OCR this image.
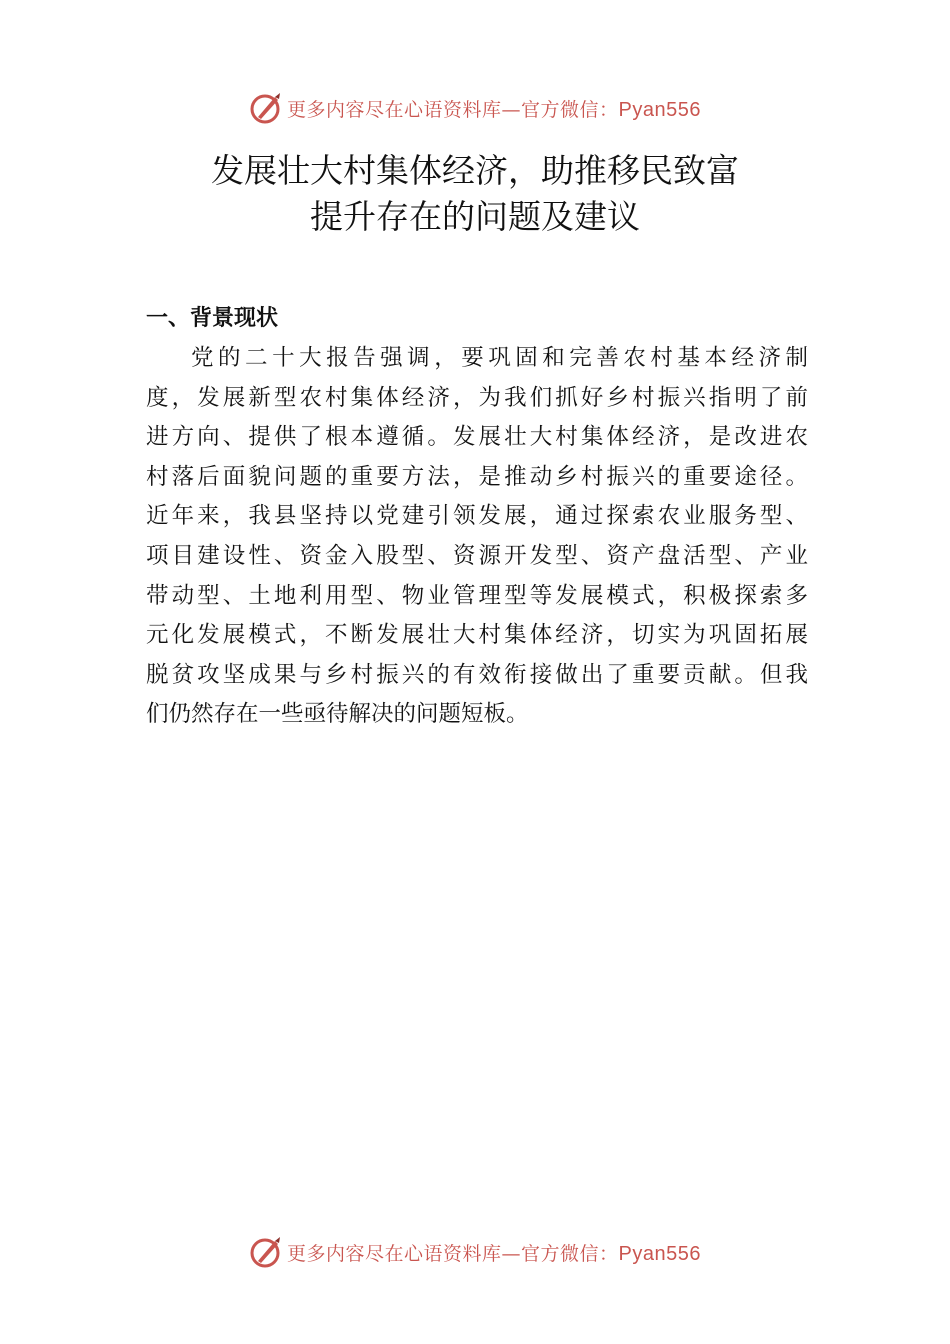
更多内容尽在心语资料库—官方微信：Pyan556
发展壮大村集体经济，助推移民致富
提升存在的问题及建议
一、背景现状
党的二十大报告强调，要巩固和完善农村基本经济制
度，发展新型农村集体经济，为我们抓好乡村振兴指明了前
进方向、提供了根本遵循。发展壮大村集体经济，是改进农
村落后面貌问题的重要方法，是推动乡村振兴的重要途径。
近年来，我县坚持以党建引领发展，通过探索农业服务型、
项目建设性、资金入股型、资源开发型、资产盘活型、产业
带动型、土地利用型、物业管理型等发展模式，积极探索多
元化发展模式，不断发展壮大村集体经济，切实为巩固拓展
脱贫攻坚成果与乡村振兴的有效衔接做出了重要贡献。但我
们仍然存在一些亟待解决的问题短板。
更多内容尽在心语资料库—官方微信：Pyan556
